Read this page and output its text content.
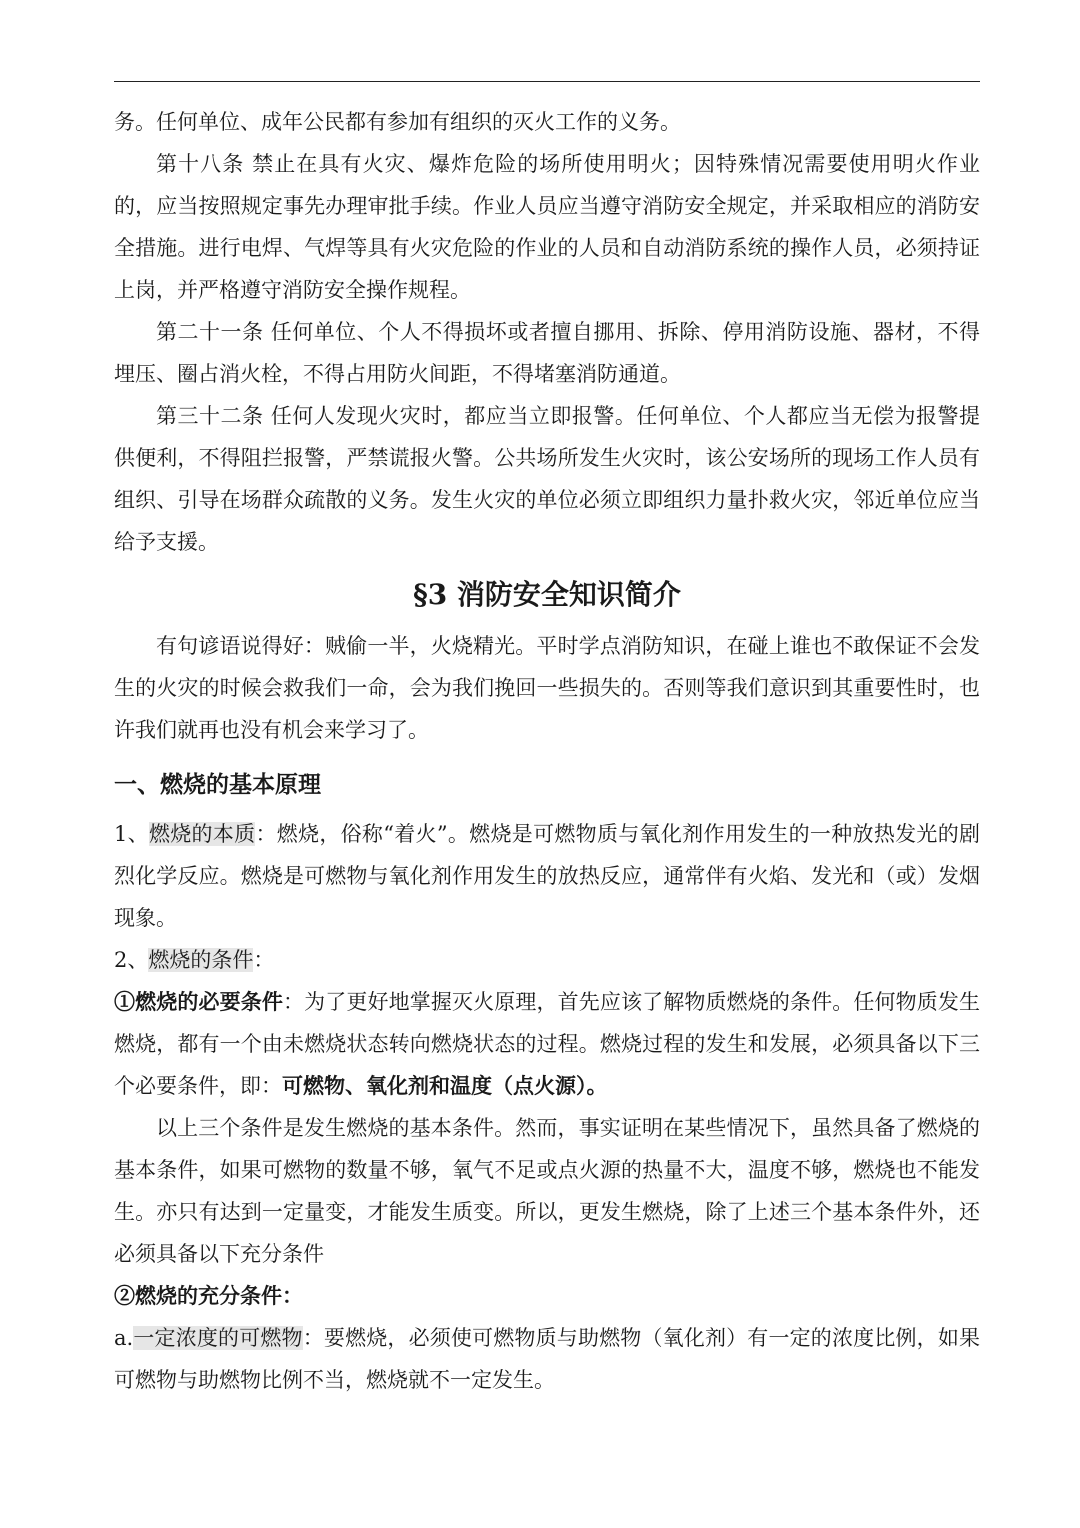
务。任何单位、成年公民都有参加有组织的灭火工作的义务。

第十八条 禁止在具有火灾、爆炸危险的场所使用明火；因特殊情况需要使用明火作业的，应当按照规定事先办理审批手续。作业人员应当遵守消防安全规定，并采取相应的消防安全措施。进行电焊、气焊等具有火灾危险的作业的人员和自动消防系统的操作人员，必须持证上岗，并严格遵守消防安全操作规程。

第二十一条 任何单位、个人不得损坏或者擅自挪用、拆除、停用消防设施、器材，不得埋压、圈占消火栓，不得占用防火间距，不得堵塞消防通道。

第三十二条 任何人发现火灾时，都应当立即报警。任何单位、个人都应当无偿为报警提供便利，不得阻拦报警，严禁谎报火警。公共场所发生火灾时，该公安场所的现场工作人员有组织、引导在场群众疏散的义务。发生火灾的单位必须立即组织力量扑救火灾，邻近单位应当给予支援。

§3 消防安全知识简介

有句谚语说得好：贼偷一半，火烧精光。平时学点消防知识，在碰上谁也不敢保证不会发生的火灾的时候会救我们一命，会为我们挽回一些损失的。否则等我们意识到其重要性时，也许我们就再也没有机会来学习了。

一、燃烧的基本原理

1、燃烧的本质：燃烧，俗称“着火”。燃烧是可燃物质与氧化剂作用发生的一种放热发光的剧烈化学反应。燃烧是可燃物与氧化剂作用发生的放热反应，通常伴有火焰、发光和（或）发烟现象。

2、燃烧的条件：

①燃烧的必要条件：为了更好地掌握灭火原理，首先应该了解物质燃烧的条件。任何物质发生燃烧，都有一个由未燃烧状态转向燃烧状态的过程。燃烧过程的发生和发展，必须具备以下三个必要条件，即：可燃物、氧化剂和温度（点火源）。

以上三个条件是发生燃烧的基本条件。然而，事实证明在某些情况下，虽然具备了燃烧的基本条件，如果可燃物的数量不够，氧气不足或点火源的热量不大，温度不够，燃烧也不能发生。亦只有达到一定量变，才能发生质变。所以，更发生燃烧，除了上述三个基本条件外，还必须具备以下充分条件

②燃烧的充分条件：

a.一定浓度的可燃物：要燃烧，必须使可燃物质与助燃物（氧化剂）有一定的浓度比例，如果可燃物与助燃物比例不当，燃烧就不一定发生。
